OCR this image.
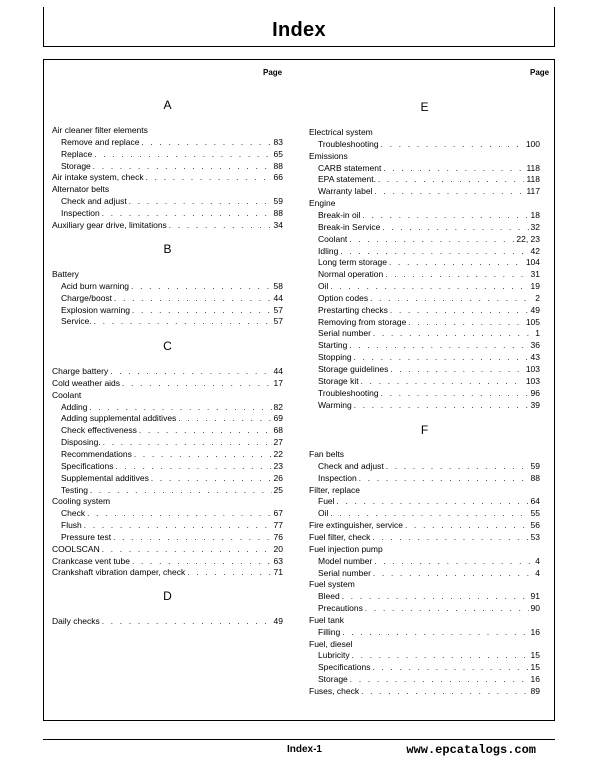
Index
Page	Page
A
Air cleaner filter elements
Remove and replace . . .	83
Replace . . .	65
Storage . . .	88
Air intake system, check . . .	66
Alternator belts
Check and adjust . . .	59
Inspection . . .	88
Auxiliary gear drive, limitations . . .	34
B
Battery
Acid burn warning . . .	58
Charge/boost . . .	44
Explosion warning . . .	57
Service. . . .	57
C
Charge battery . . .	44
Cold weather aids . . .	17
Coolant
Adding . . .	82
Adding supplemental additives . . .	69
Check effectiveness . . .	68
Disposing. . . .	27
Recommendations . . .	22
Specifications . . .	23
Supplemental additives . . .	26
Testing . . .	25
Cooling system
Check . . .	67
Flush . . .	77
Pressure test . . .	76
COOLSCAN . . .	20
Crankcase vent tube . . .	63
Crankshaft vibration damper, check . . .	71
D
Daily checks . . .	49
E
Electrical system
Troubleshooting . . .	100
Emissions
CARB statement . . .	118
EPA statement. . . .	118
Warranty label . . .	117
Engine
Break-in oil . . .	18
Break-in Service . . .	32
Coolant . . .	22, 23
Idling . . .	42
Long term storage . . .	104
Normal operation . . .	31
Oil . . .	19
Option codes . . .	2
Prestarting checks . . .	49
Removing from storage . . .	105
Serial number . . .	1
Starting . . .	36
Stopping . . .	43
Storage guidelines . . .	103
Storage kit . . .	103
Troubleshooting . . .	96
Warming . . .	39
F
Fan belts
Check and adjust . . .	59
Inspection . . .	88
Filter, replace
Fuel . . .	64
Oil . . .	55
Fire extinguisher, service . . .	56
Fuel filter, check . . .	53
Fuel injection pump
Model number . . .	4
Serial number . . .	4
Fuel system
Bleed . . .	91
Precautions . . .	90
Fuel tank
Filling . . .	16
Fuel, diesel
Lubricity . . .	15
Specifications . . .	15
Storage . . .	16
Fuses, check . . .	89
Index-1	www.epcatalogs.com
